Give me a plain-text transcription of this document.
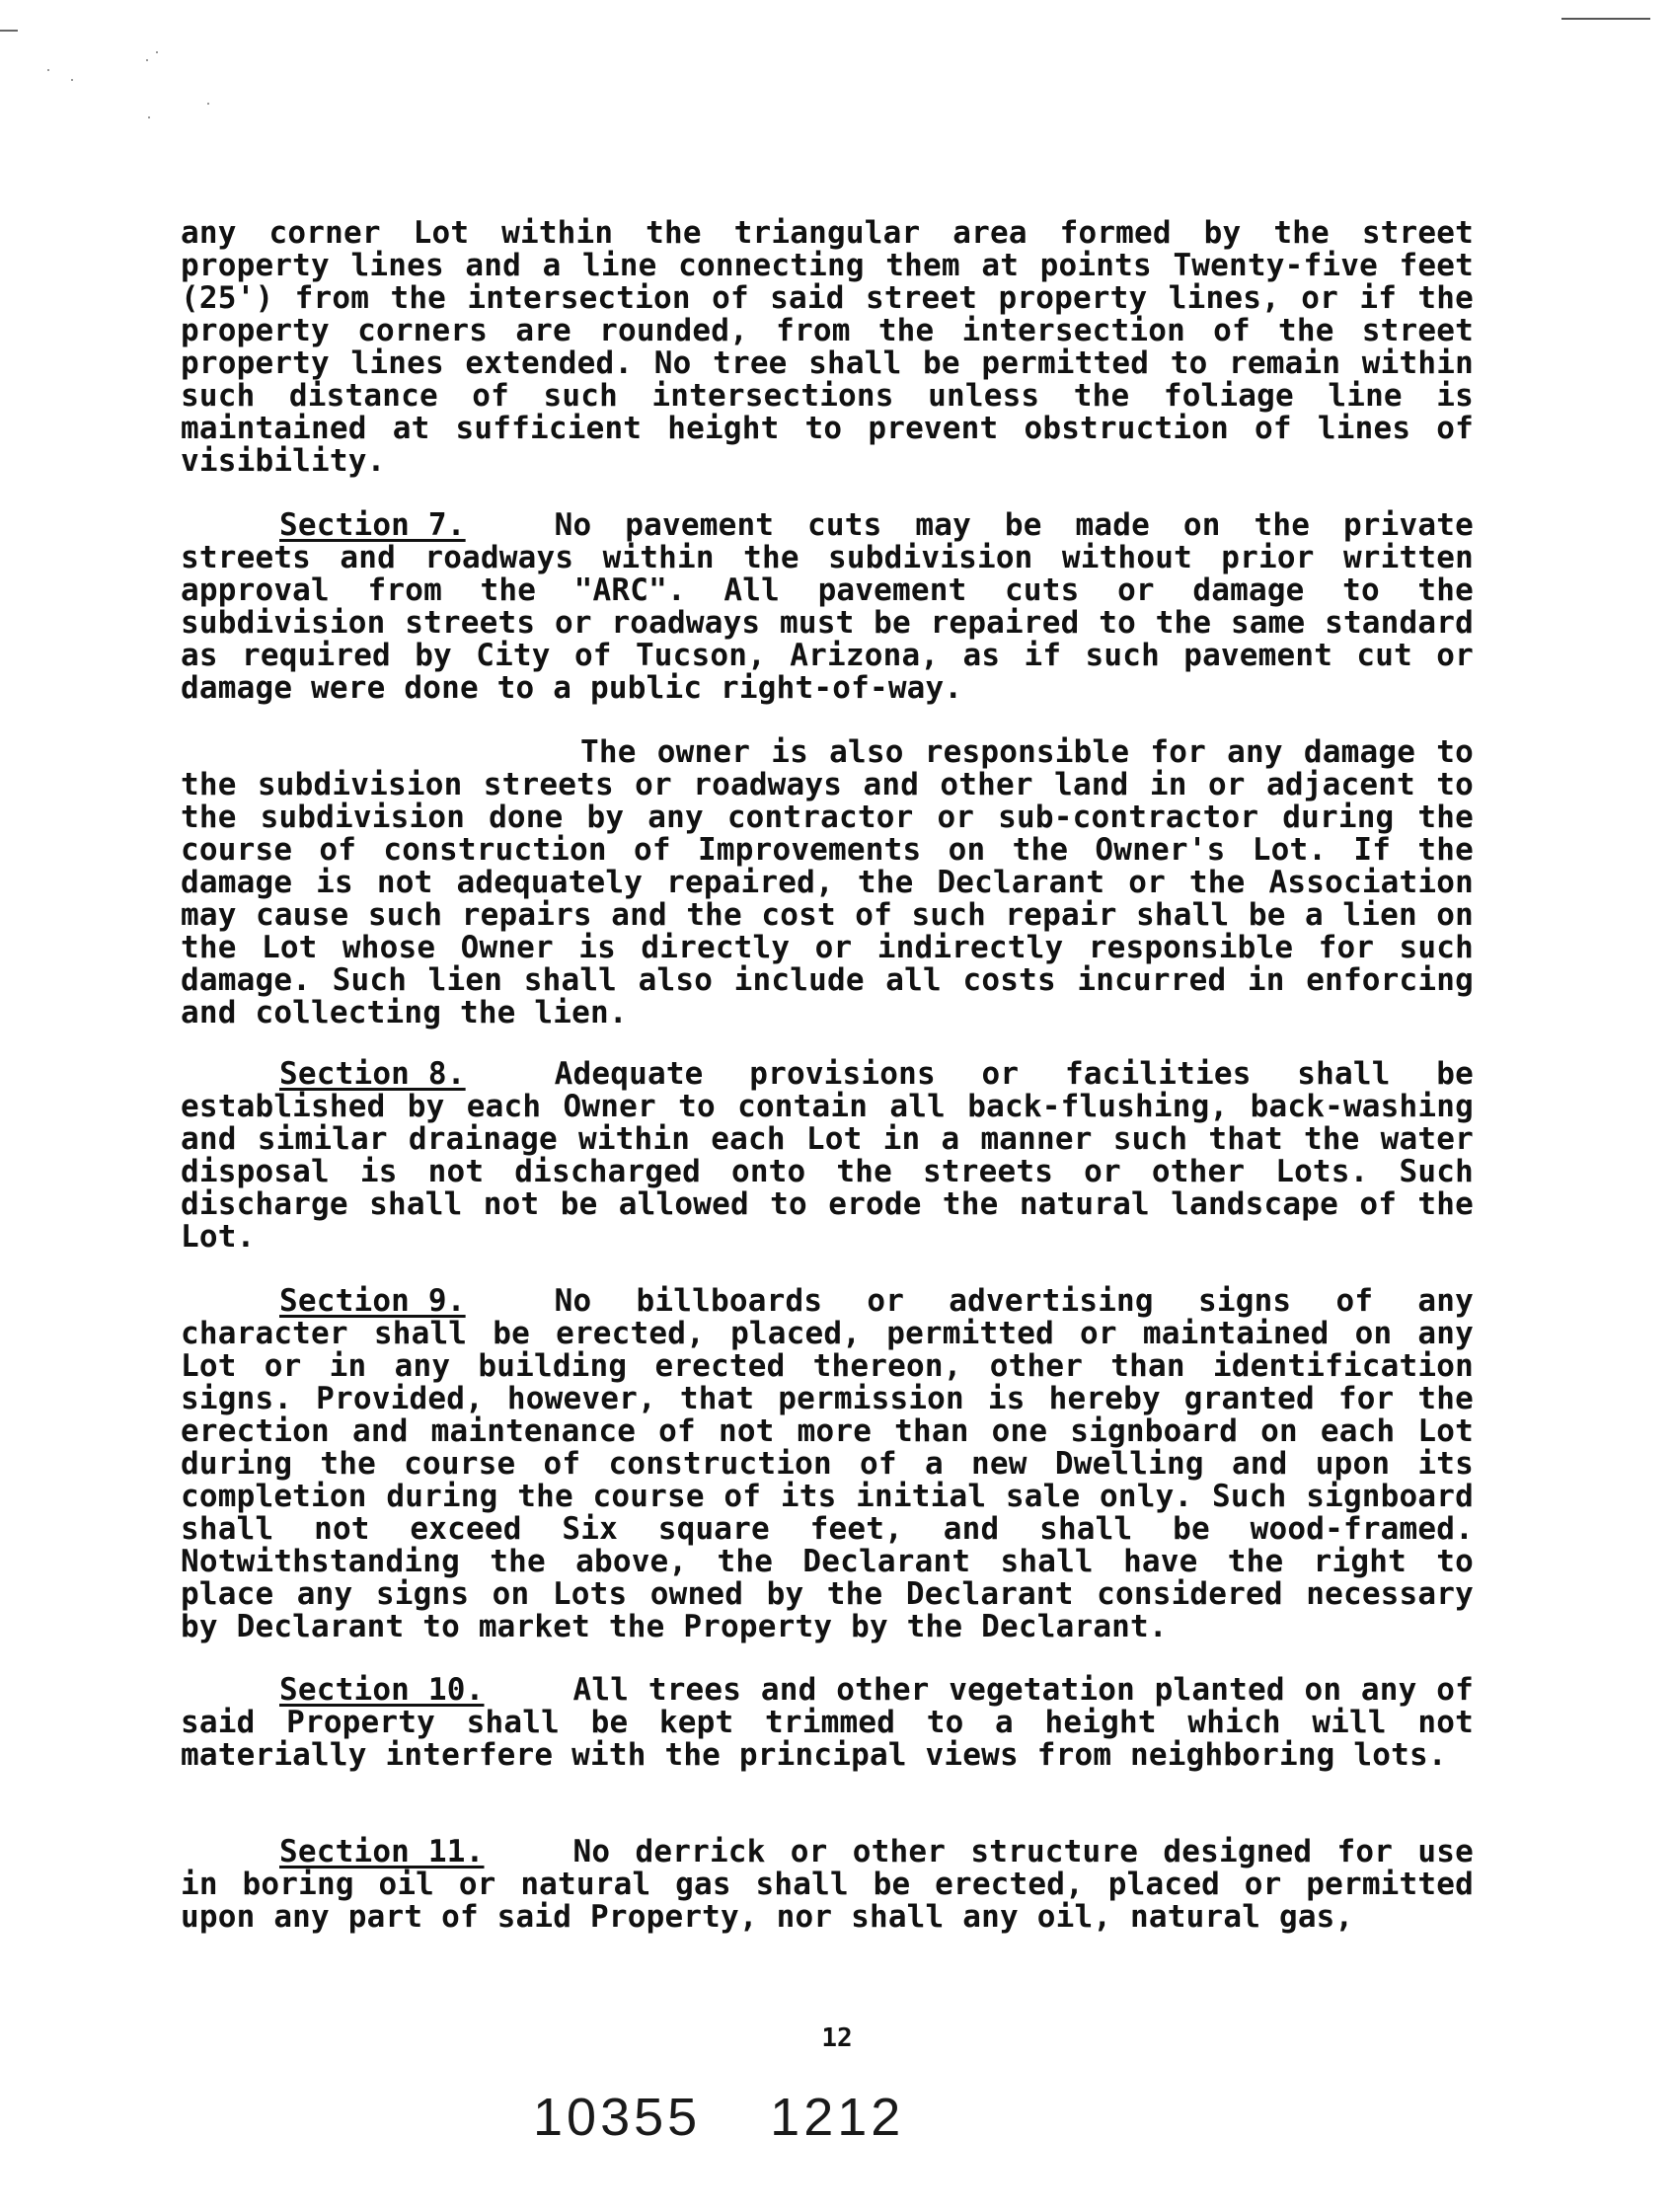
any corner Lot within the triangular area formed by the street property lines and a line connecting them at points Twenty-five feet (25') from the intersection of said street property lines, or if the property corners are rounded, from the intersection of the street property lines extended. No tree shall be permitted to remain within such distance of such intersections unless the foliage line is maintained at sufficient height to prevent obstruction of lines of visibility.

Section 7.	No pavement cuts may be made on the private streets and roadways within the subdivision without prior written approval from the "ARC". All pavement cuts or damage to the subdivision streets or roadways must be repaired to the same standard as required by City of Tucson, Arizona, as if such pavement cut or damage were done to a public right-of-way.

The owner is also responsible for any damage to the subdivision streets or roadways and other land in or adjacent to the subdivision done by any contractor or sub-contractor during the course of construction of Improvements on the Owner's Lot. If the damage is not adequately repaired, the Declarant or the Association may cause such repairs and the cost of such repair shall be a lien on the Lot whose Owner is directly or indirectly responsible for such damage. Such lien shall also include all costs incurred in enforcing and collecting the lien.

Section 8.	Adequate provisions or facilities shall be established by each Owner to contain all back-flushing, back-washing and similar drainage within each Lot in a manner such that the water disposal is not discharged onto the streets or other Lots. Such discharge shall not be allowed to erode the natural landscape of the Lot.

Section 9.	No billboards or advertising signs of any character shall be erected, placed, permitted or maintained on any Lot or in any building erected thereon, other than identification signs. Provided, however, that permission is hereby granted for the erection and maintenance of not more than one signboard on each Lot during the course of construction of a new Dwelling and upon its completion during the course of its initial sale only. Such signboard shall not exceed Six square feet, and shall be wood-framed. Notwithstanding the above, the Declarant shall have the right to place any signs on Lots owned by the Declarant considered necessary by Declarant to market the Property by the Declarant.

Section 10.	All trees and other vegetation planted on any of said Property shall be kept trimmed to a height which will not materially interfere with the principal views from neighboring lots.

Section 11.	No derrick or other structure designed for use in boring oil or natural gas shall be erected, placed or permitted upon any part of said Property, nor shall any oil, natural gas,

12
10355 1212
